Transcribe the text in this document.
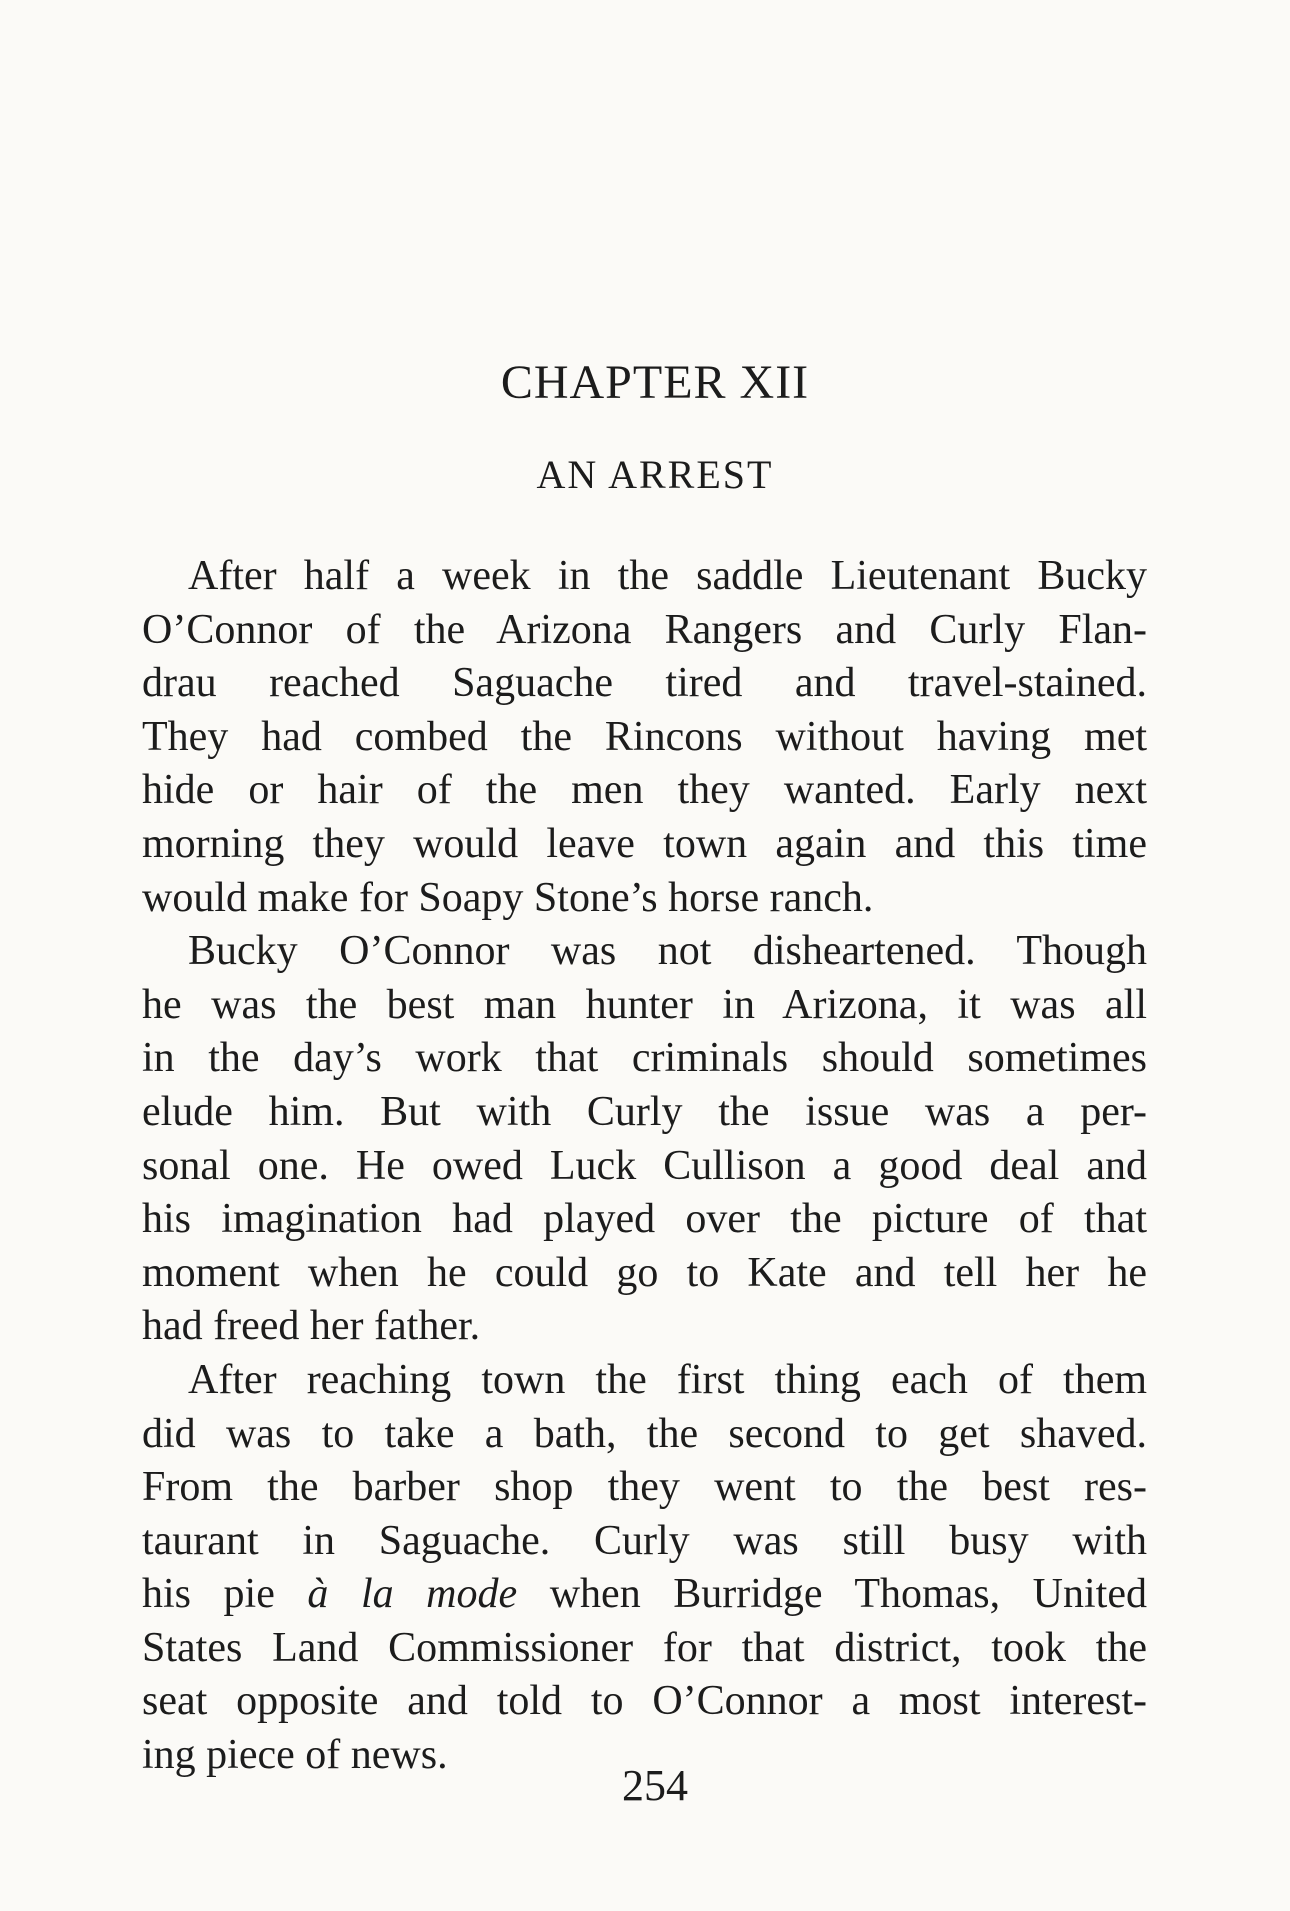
CHAPTER XII
AN ARREST
After half a week in the saddle Lieutenant Bucky
O’Connor of the Arizona Rangers and Curly Flan-
drau reached Saguache tired and travel-stained.
They had combed the Rincons without having met
hide or hair of the men they wanted. Early next
morning they would leave town again and this time
would make for Soapy Stone’s horse ranch.
Bucky O’Connor was not disheartened. Though
he was the best man hunter in Arizona, it was all
in the day’s work that criminals should sometimes
elude him. But with Curly the issue was a per-
sonal one. He owed Luck Cullison a good deal and
his imagination had played over the picture of that
moment when he could go to Kate and tell her he
had freed her father.
After reaching town the first thing each of them
did was to take a bath, the second to get shaved.
From the barber shop they went to the best res-
taurant in Saguache. Curly was still busy with
his pie à la mode when Burridge Thomas, United
States Land Commissioner for that district, took the
seat opposite and told to O’Connor a most interest-
ing piece of news.
254
